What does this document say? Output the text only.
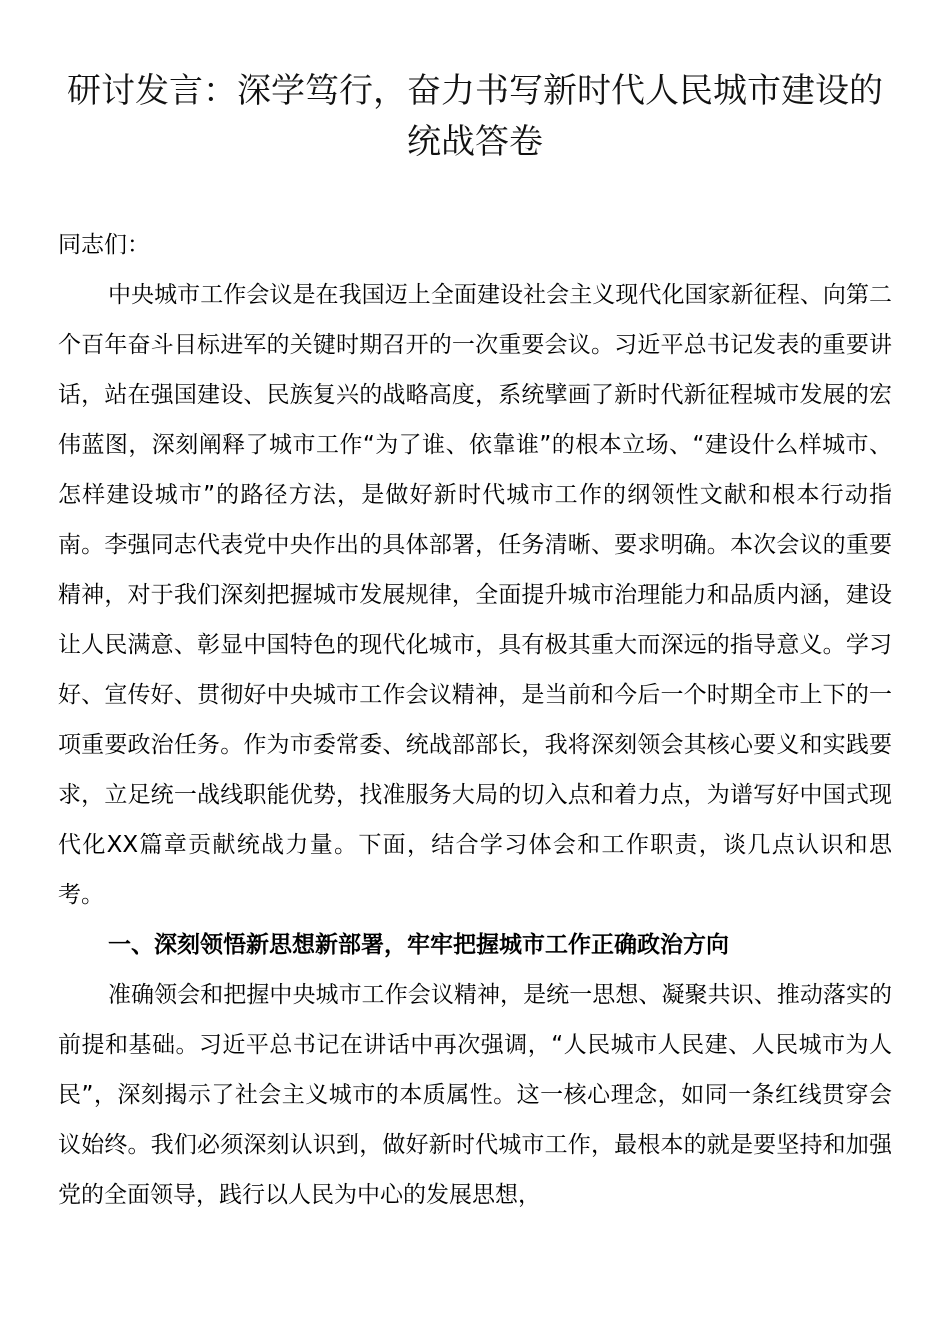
研讨发言：深学笃行，奋力书写新时代人民城市建设的统战答卷

同志们：

中央城市工作会议是在我国迈上全面建设社会主义现代化国家新征程、向第二个百年奋斗目标进军的关键时期召开的一次重要会议。习近平总书记发表的重要讲话，站在强国建设、民族复兴的战略高度，系统擘画了新时代新征程城市发展的宏伟蓝图，深刻阐释了城市工作“为了谁、依靠谁”的根本立场、“建设什么样城市、怎样建设城市”的路径方法，是做好新时代城市工作的纲领性文献和根本行动指南。李强同志代表党中央作出的具体部署，任务清晰、要求明确。本次会议的重要精神，对于我们深刻把握城市发展规律，全面提升城市治理能力和品质内涵，建设让人民满意、彰显中国特色的现代化城市，具有极其重大而深远的指导意义。学习好、宣传好、贯彻好中央城市工作会议精神，是当前和今后一个时期全市上下的一项重要政治任务。作为市委常委、统战部部长，我将深刻领会其核心要义和实践要求，立足统一战线职能优势，找准服务大局的切入点和着力点，为谱写好中国式现代化XX篇章贡献统战力量。下面，结合学习体会和工作职责，谈几点认识和思考。

一、深刻领悟新思想新部署，牢牢把握城市工作正确政治方向

准确领会和把握中央城市工作会议精神，是统一思想、凝聚共识、推动落实的前提和基础。习近平总书记在讲话中再次强调，“人民城市人民建、人民城市为人民”，深刻揭示了社会主义城市的本质属性。这一核心理念，如同一条红线贯穿会议始终。我们必须深刻认识到，做好新时代城市工作，最根本的就是要坚持和加强党的全面领导，践行以人民为中心的发展思想，
